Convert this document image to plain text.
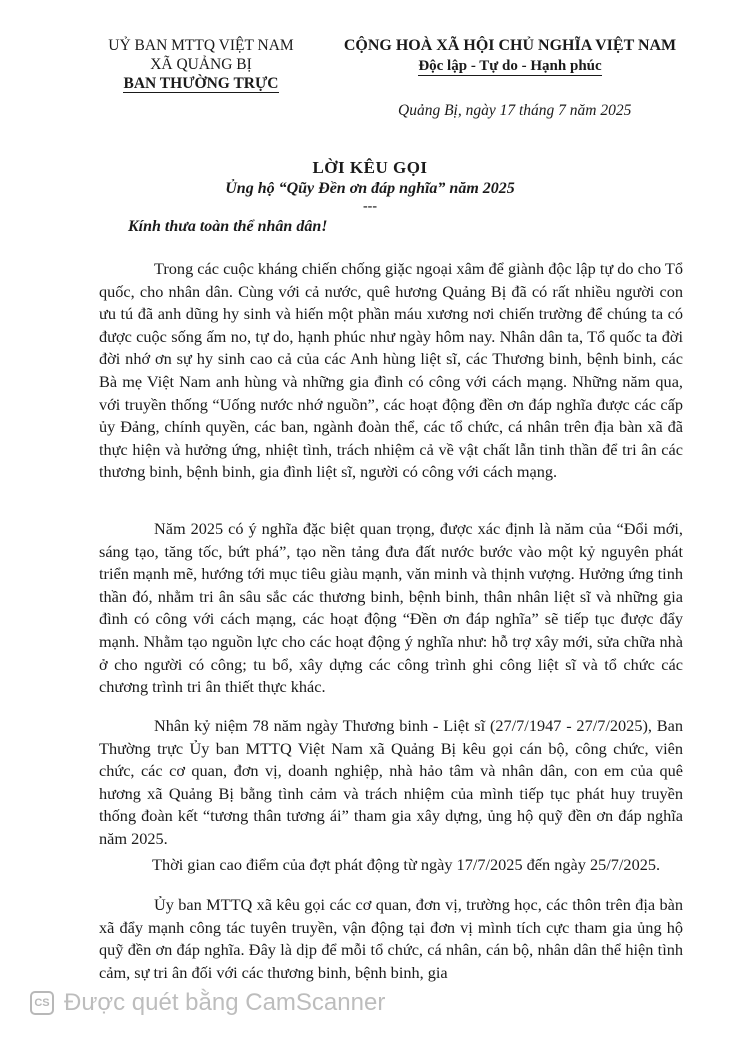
UỶ BAN MTTQ VIỆT NAM
XÃ QUẢNG BỊ
BAN THƯỜNG TRỰC
CỘNG HOÀ XÃ HỘI CHỦ NGHĨA VIỆT NAM
Độc lập - Tự do - Hạnh phúc
Quảng Bị, ngày 17 tháng 7 năm 2025
LỜI KÊU GỌI
Ủng hộ “Qũy Đền ơn đáp nghĩa” năm 2025
---
Kính thưa toàn thể nhân dân!

Trong các cuộc kháng chiến chống giặc ngoại xâm để giành độc lập tự do cho Tổ quốc, cho nhân dân. Cùng với cả nước, quê hương Quảng Bị đã có rất nhiều người con ưu tú đã anh dũng hy sinh và hiến một phần máu xương nơi chiến trường để chúng ta có được cuộc sống ấm no, tự do, hạnh phúc như ngày hôm nay. Nhân dân ta, Tổ quốc ta đời đời nhớ ơn sự hy sinh cao cả của các Anh hùng liệt sĩ, các Thương binh, bệnh binh, các Bà mẹ Việt Nam anh hùng và những gia đình có công với cách mạng. Những năm qua, với truyền thống “Uống nước nhớ nguồn”, các hoạt động đền ơn đáp nghĩa được các cấp ủy Đảng, chính quyền, các ban, ngành đoàn thể, các tổ chức, cá nhân trên địa bàn xã đã thực hiện và hưởng ứng, nhiệt tình, trách nhiệm cả về vật chất lẫn tinh thần để tri ân các thương binh, bệnh binh, gia đình liệt sĩ, người có công với cách mạng.

Năm 2025 có ý nghĩa đặc biệt quan trọng, được xác định là năm của “Đổi mới, sáng tạo, tăng tốc, bứt phá”, tạo nền tảng đưa đất nước bước vào một kỷ nguyên phát triển mạnh mẽ, hướng tới mục tiêu giàu mạnh, văn minh và thịnh vượng. Hưởng ứng tinh thần đó, nhằm tri ân sâu sắc các thương binh, bệnh binh, thân nhân liệt sĩ và những gia đình có công với cách mạng, các hoạt động “Đền ơn đáp nghĩa” sẽ tiếp tục được đẩy mạnh. Nhằm tạo nguồn lực cho các hoạt động ý nghĩa như: hỗ trợ xây mới, sửa chữa nhà ở cho người có công; tu bổ, xây dựng các công trình ghi công liệt sĩ và tổ chức các chương trình tri ân thiết thực khác.

Nhân kỷ niệm 78 năm ngày Thương binh - Liệt sĩ (27/7/1947 - 27/7/2025), Ban Thường trực Ủy ban MTTQ Việt Nam xã Quảng Bị kêu gọi cán bộ, công chức, viên chức, các cơ quan, đơn vị, doanh nghiệp, nhà hảo tâm và nhân dân, con em của quê hương xã Quảng Bị bằng tình cảm và trách nhiệm của mình tiếp tục phát huy truyền thống đoàn kết “tương thân tương ái” tham gia xây dựng, ủng hộ quỹ đền ơn đáp nghĩa năm 2025.

Thời gian cao điểm của đợt phát động từ ngày 17/7/2025 đến ngày 25/7/2025.

Ủy ban MTTQ xã kêu gọi các cơ quan, đơn vị, trường học, các thôn trên địa bàn xã đẩy mạnh công tác tuyên truyền, vận động tại đơn vị mình tích cực tham gia ủng hộ quỹ đền ơn đáp nghĩa. Đây là dịp để mỗi tổ chức, cá nhân, cán bộ, nhân dân thể hiện tình cảm, sự tri ân đối với các thương binh, bệnh binh, gia

CS Được quét bằng CamScanner
